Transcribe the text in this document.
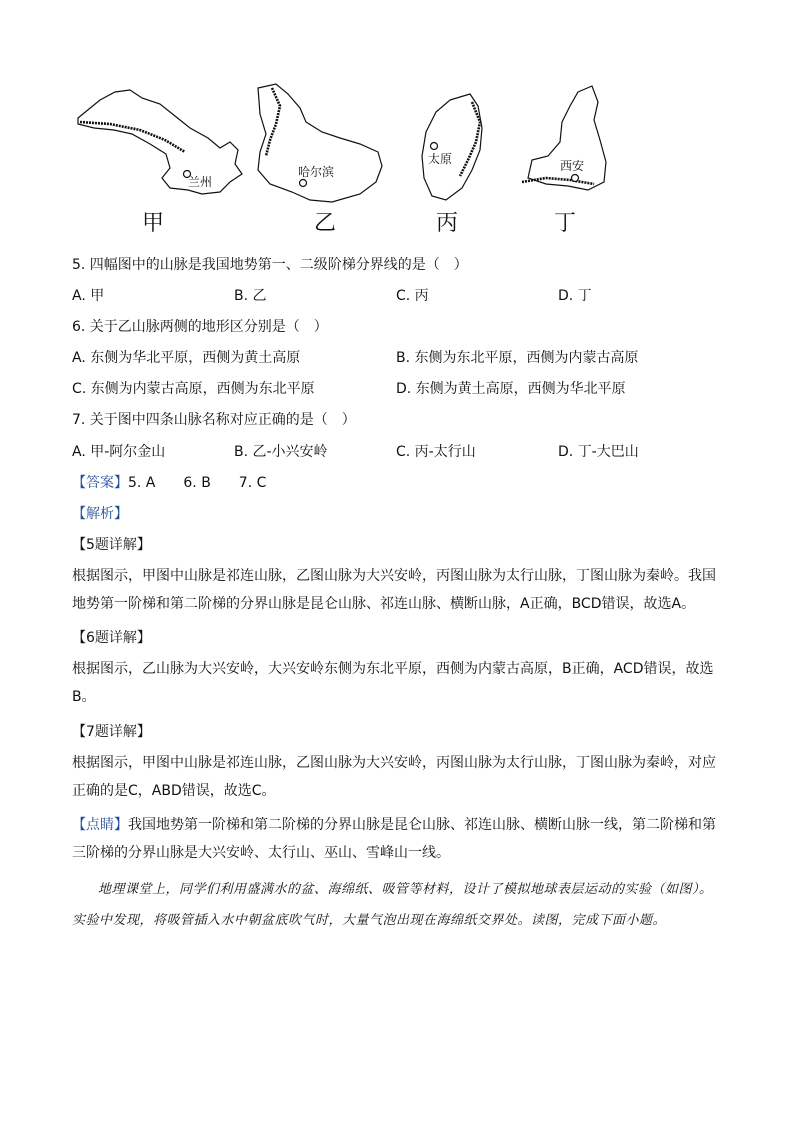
兰州
哈尔滨
太原	西安
甲	乙	丙	丁
5. 四幅图中的山脉是我国地势第一、二级阶梯分界线的是（　）
A. 甲	B. 乙	C. 丙	D. 丁
6. 关于乙山脉两侧的地形区分别是（　）
A. 东侧为华北平原，西侧为黄土高原	B. 东侧为东北平原，西侧为内蒙古高原
C. 东侧为内蒙古高原，西侧为东北平原	D. 东侧为黄土高原，西侧为华北平原
7. 关于图中四条山脉名称对应正确的是（　）
A. 甲-阿尔金山	B. 乙-小兴安岭	C. 丙-太行山	D. 丁-大巴山
【答案】5. A　　6. B　　7. C
【解析】
【5题详解】
根据图示，甲图中山脉是祁连山脉，乙图山脉为大兴安岭，丙图山脉为太行山脉，丁图山脉为秦岭。我国地势第一阶梯和第二阶梯的分界山脉是昆仑山脉、祁连山脉、横断山脉，A正确，BCD错误，故选A。
【6题详解】
根据图示，乙山脉为大兴安岭，大兴安岭东侧为东北平原，西侧为内蒙古高原，B正确，ACD错误，故选B。
【7题详解】
根据图示，甲图中山脉是祁连山脉，乙图山脉为大兴安岭，丙图山脉为太行山脉，丁图山脉为秦岭，对应正确的是C，ABD错误，故选C。
【点睛】我国地势第一阶梯和第二阶梯的分界山脉是昆仑山脉、祁连山脉、横断山脉一线，第二阶梯和第三阶梯的分界山脉是大兴安岭、太行山、巫山、雪峰山一线。
地理课堂上，同学们利用盛满水的盆、海绵纸、吸管等材料，设计了模拟地球表层运动的实验（如图）。实验中发现，将吸管插入水中朝盆底吹气时，大量气泡出现在海绵纸交界处。读图，完成下面小题。
